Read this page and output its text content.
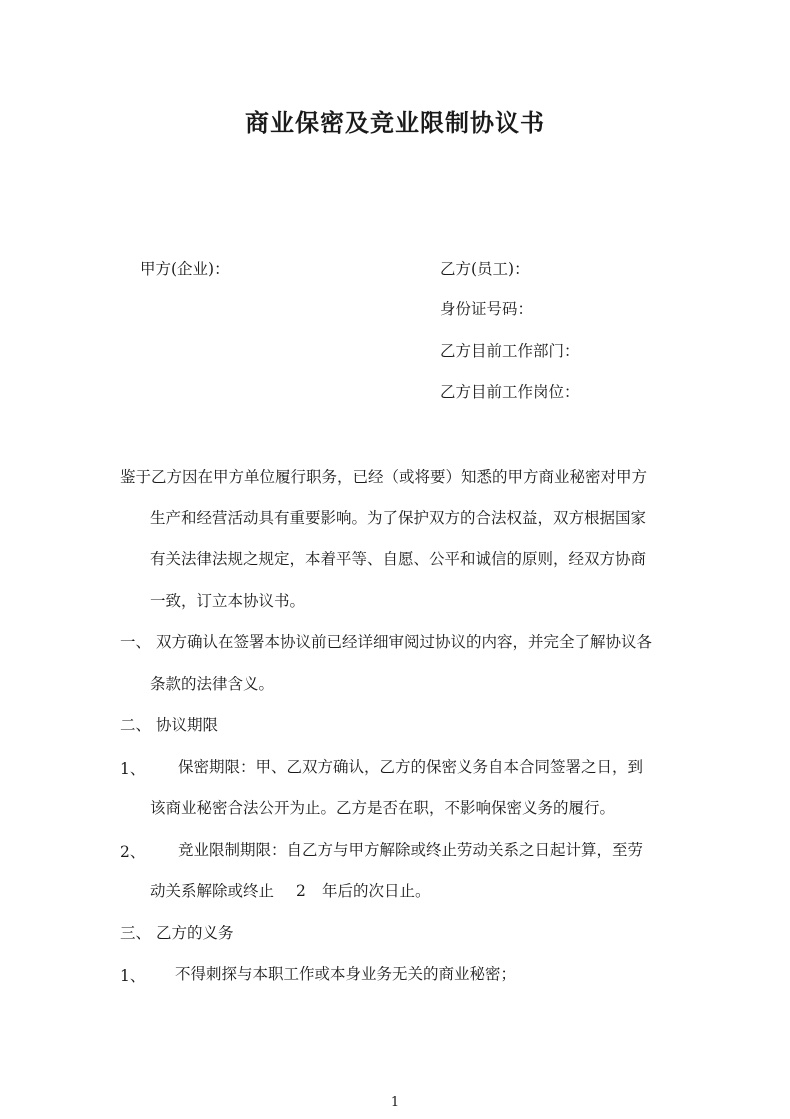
商业保密及竞业限制协议书
甲方(企业)：	乙方(员工)：
身份证号码：
乙方目前工作部门：
乙方目前工作岗位：
鉴于乙方因在甲方单位履行职务，已经（或将要）知悉的甲方商业秘密对甲方
生产和经营活动具有重要影响。为了保护双方的合法权益，双方根据国家
有关法律法规之规定，本着平等、自愿、公平和诚信的原则，经双方协商
一致，订立本协议书。
一、 双方确认在签署本协议前已经详细审阅过协议的内容，并完全了解协议各
条款的法律含义。
二、 协议期限
1、 保密期限：甲、乙双方确认，乙方的保密义务自本合同签署之日，到
该商业秘密合法公开为止。乙方是否在职，不影响保密义务的履行。
2、 竞业限制期限：自乙方与甲方解除或终止劳动关系之日起计算，至劳
动关系解除或终止 2 年后的次日止。
三、 乙方的义务
1、 不得刺探与本职工作或本身业务无关的商业秘密；
1
